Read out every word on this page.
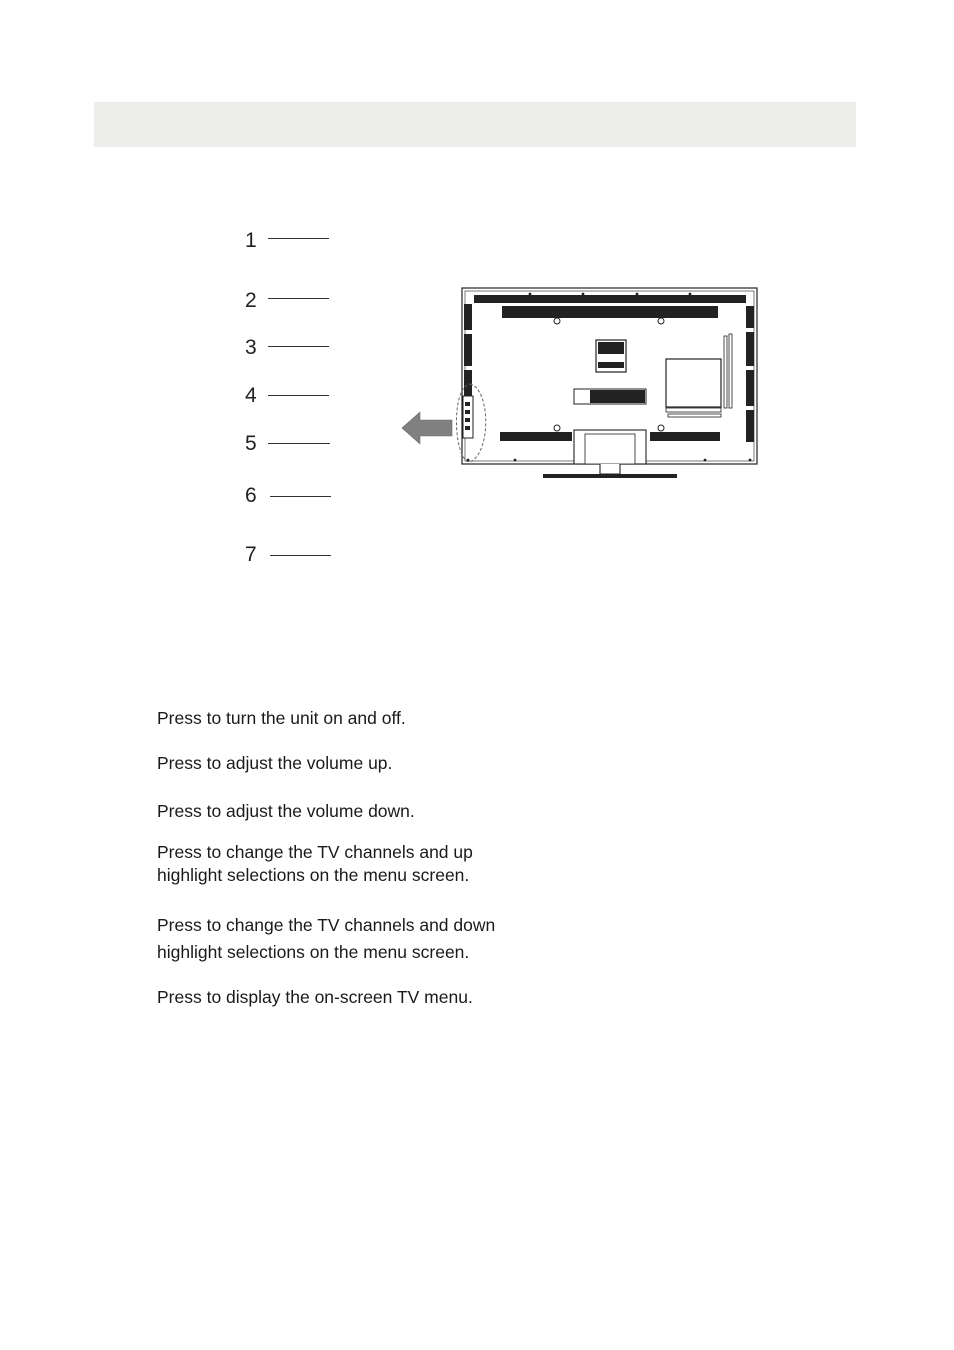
1
2
3
4
5
6
7

Press to turn the unit on and off.

Press to adjust the volume up.

Press to adjust the volume down.

Press to change the TV channels and up
highlight selections on the menu screen.

Press to change the TV channels and down
highlight selections on the menu screen.

Press to display the on-screen TV menu.
